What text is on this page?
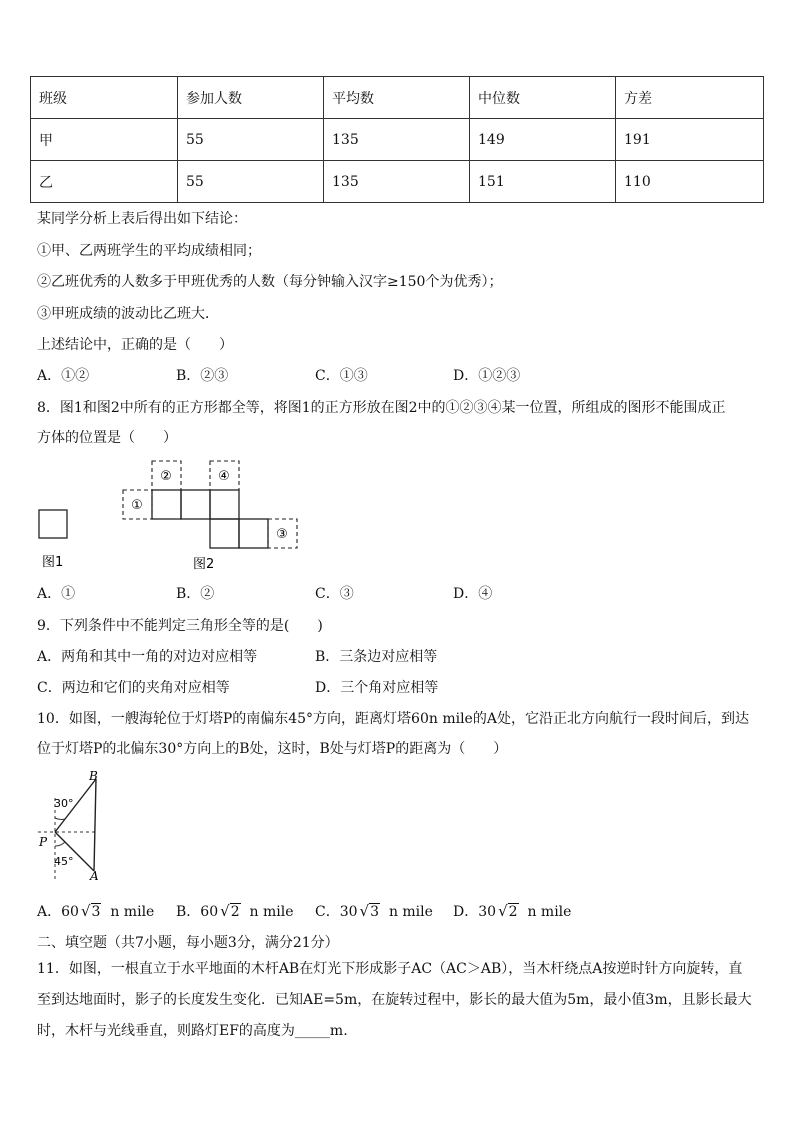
班级	参加人数	平均数	中位数	方差
甲	55	135	149	191
乙	55	135	151	110
某同学分析上表后得出如下结论：
①甲、乙两班学生的平均成绩相同；
②乙班优秀的人数多于甲班优秀的人数（每分钟输入汉字≥150个为优秀）；
③甲班成绩的波动比乙班大．
上述结论中，正确的是（　　）
A．①②	B．②③	C．①③	D．①②③
8．图1和图2中所有的正方形都全等，将图1的正方形放在图2中的①②③④某一位置，所组成的图形不能围成正
方体的位置是（　　）
图1
①
②
③
④
图2
A．①	B．②	C．③	D．④
9．下列条件中不能判定三角形全等的是(　　)
A．两角和其中一角的对边对应相等	B．三条边对应相等
C．两边和它们的夹角对应相等	D．三个角对应相等
10．如图，一艘海轮位于灯塔P的南偏东45°方向，距离灯塔60n mile的A处，它沿正北方向航行一段时间后，到达
位于灯塔P的北偏东30°方向上的B处，这时，B处与灯塔P的距离为（　　）
B
P
A
30°
45°
A．60 √3 n mile B．60 √2 n mile C．30 √3 n mile D．30 √2 n mile
二、填空题（共7小题，每小题3分，满分21分）
11．如图，一根直立于水平地面的木杆AB在灯光下形成影子AC（AC＞AB），当木杆绕点A按逆时针方向旋转，直
至到达地面时，影子的长度发生变化．已知AE=5m，在旋转过程中，影长的最大值为5m，最小值3m，且影长最大
时，木杆与光线垂直，则路灯EF的高度为_____m.
